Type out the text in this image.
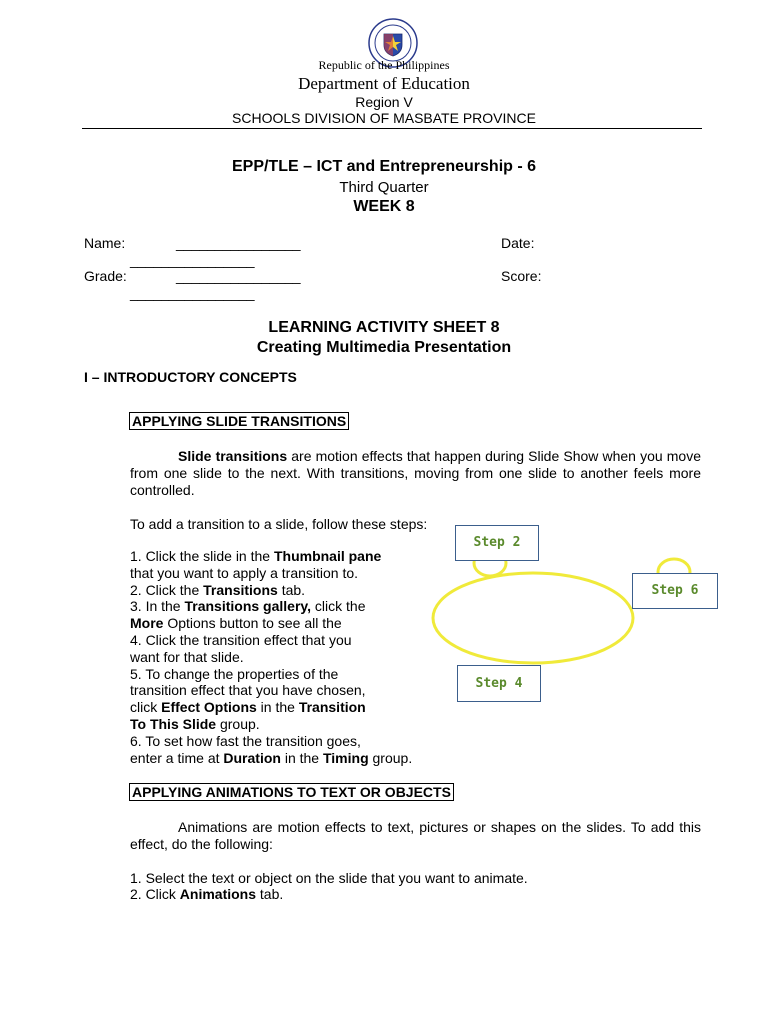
Republic of the Philippines
Department of Education
Region V
SCHOOLS DIVISION OF MASBATE PROVINCE
EPP/TLE – ICT and Entrepreneurship - 6
Third Quarter
WEEK 8
Name:	________________
________________
Date:
Grade:	________________
________________
Score:
LEARNING ACTIVITY SHEET 8
Creating Multimedia Presentation
I – INTRODUCTORY CONCEPTS
APPLYING SLIDE TRANSITIONS

Slide transitions are motion effects that happen during Slide Show when you move from one slide to the next. With transitions, moving from one slide to another feels more controlled.

To add a transition to a slide, follow these steps:
1. Click the slide in the Thumbnail pane
that you want to apply a transition to.
2. Click the Transitions tab.
3. In the Transitions gallery, click the
More Options button to see all the
4. Click the transition effect that you
want for that slide.
5. To change the properties of the
transition effect that you have chosen,
click Effect Options in the Transition
To This Slide group.
6. To set how fast the transition goes,
enter a time at Duration in the Timing group.
Step 2
Step 6
Step 4
APPLYING ANIMATIONS TO TEXT OR OBJECTS

Animations are motion effects to text, pictures or shapes on the slides. To add this effect, do the following:

1. Select the text or object on the slide that you want to animate.
2. Click Animations tab.
